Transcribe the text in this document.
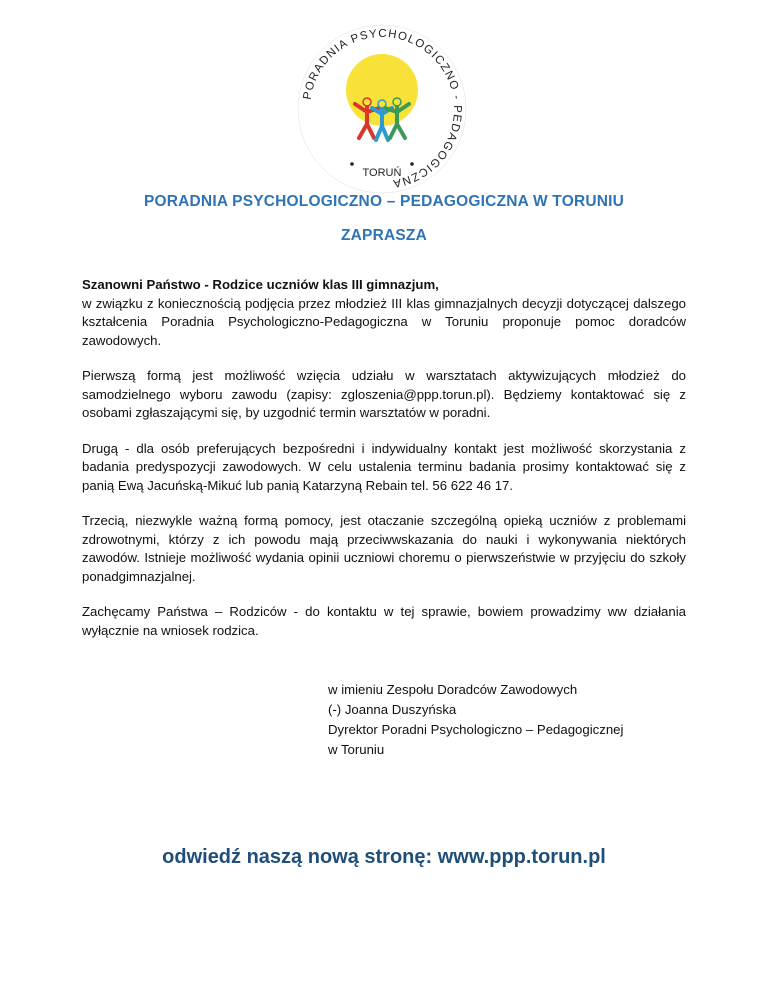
PORADNIA PSYCHOLOGICZNO - PEDAGOGICZNA
TORUŃ
PORADNIA PSYCHOLOGICZNO – PEDAGOGICZNA W TORUNIU
ZAPRASZA

Szanowni Państwo - Rodzice uczniów klas III gimnazjum,
w związku z koniecznością podjęcia przez młodzież III klas gimnazjalnych decyzji dotyczącej dalszego kształcenia Poradnia Psychologiczno-Pedagogiczna w Toruniu proponuje pomoc doradców zawodowych.

Pierwszą formą jest możliwość wzięcia udziału w warsztatach aktywizujących młodzież do samodzielnego wyboru zawodu (zapisy: zgloszenia@ppp.torun.pl). Będziemy kontaktować się z osobami zgłaszającymi się, by uzgodnić termin warsztatów w poradni.

Drugą - dla osób preferujących bezpośredni i indywidualny kontakt jest możliwość skorzystania z badania predyspozycji zawodowych. W celu ustalenia terminu badania prosimy kontaktować się z panią Ewą Jacuńską-Mikuć lub panią Katarzyną Rebain tel. 56 622 46 17.

Trzecią, niezwykle ważną formą pomocy, jest otaczanie szczególną opieką uczniów z problemami zdrowotnymi, którzy z ich powodu mają przeciwwskazania do nauki i wykonywania niektórych zawodów. Istnieje możliwość wydania opinii uczniowi choremu o pierwszeństwie w przyjęciu do szkoły ponadgimnazjalnej.

Zachęcamy Państwa – Rodziców - do kontaktu w tej sprawie, bowiem prowadzimy ww działania wyłącznie na wniosek rodzica.

w imieniu Zespołu Doradców Zawodowych
(-) Joanna Duszyńska
Dyrektor Poradni Psychologiczno – Pedagogicznej
w Toruniu
odwiedź naszą nową stronę: www.ppp.torun.pl
